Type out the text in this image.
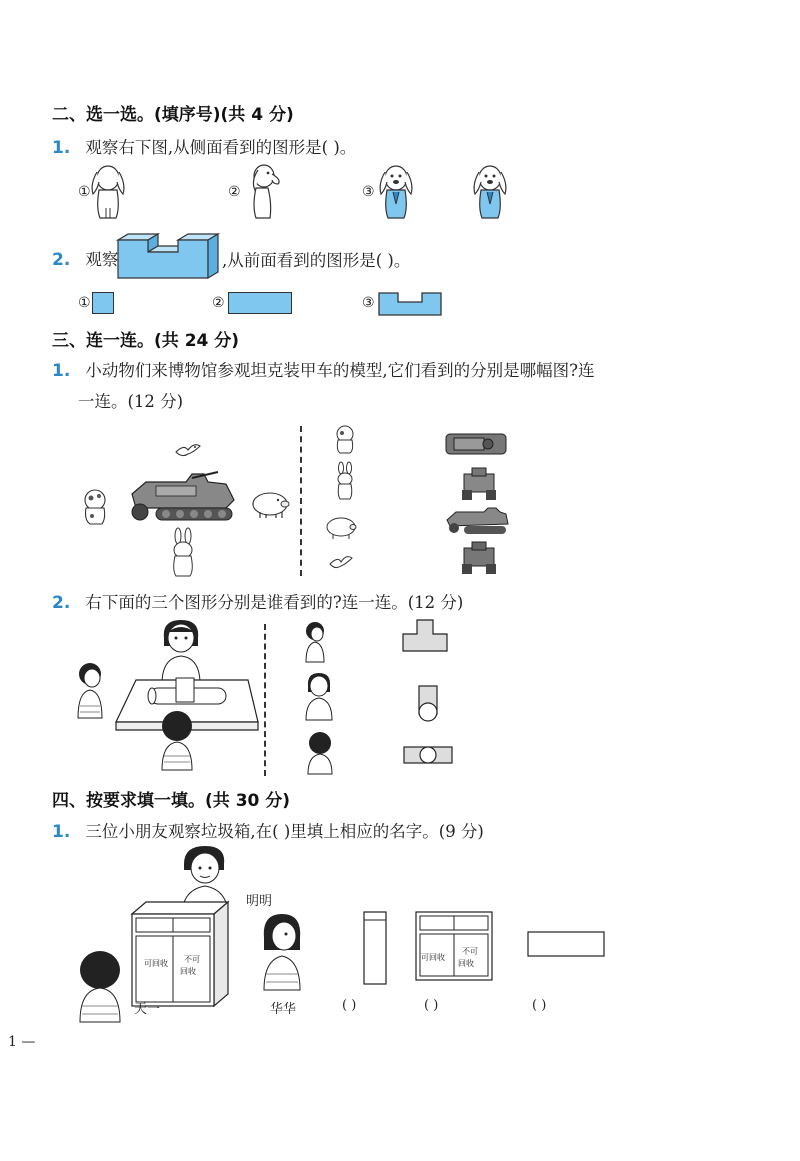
二、选一选。(填序号)(共 4 分)
1. 观察右下图,从侧面看到的图形是( )。
①	②	③
2. 观察	,从前面看到的图形是( )。
①	②	③
三、连一连。(共 24 分)
1. 小动物们来博物馆参观坦克装甲车的模型,它们看到的分别是哪幅图?连
一连。(12 分)
2. 右下面的三个图形分别是谁看到的?连一连。(12 分)
四、按要求填一填。(共 30 分)
1. 三位小朋友观察垃圾箱,在( )里填上相应的名字。(9 分)
明明
可回收 不可
回收
天一	华华
可回收
不可
回收
( )	( )	( )
1 —
